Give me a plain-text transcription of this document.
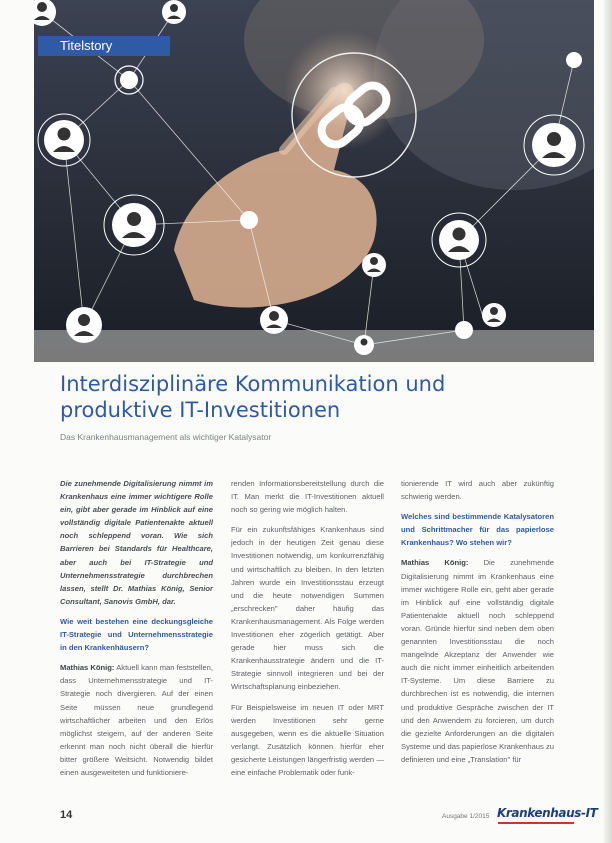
Titelstory
Interdisziplinäre Kommunikation und
produktive IT-Investitionen
Das Krankenhausmanagement als wichtiger Katalysator

Die zunehmende Digitalisierung nimmt im Krankenhaus eine immer wichtigere Rolle ein, gibt aber gerade im Hinblick auf eine vollständig digitale Patientenakte aktuell noch schleppend voran. Wie sich Barrieren bei Standards für Healthcare, aber auch bei IT-Strategie und Unternehmensstrategie durchbrechen lassen, stellt Dr. Mathias König, Senior Consultant, Sanovis GmbH, dar.

Wie weit bestehen eine deckungsgleiche IT-Strategie und Unternehmensstrategie in den Krankenhäusern?

Mathias König: Aktuell kann man feststellen, dass Unternehmensstrategie und IT-Strategie noch divergieren. Auf der einen Seite müssen neue grundlegend wirtschaftlicher arbeiten und den Erlös möglichst steigern, auf der anderen Seite erkennt man noch nicht überall die hierfür bitter größere Weitsicht. Notwendig bildet einen ausgeweiteten und funktioniere-

renden Informationsbereitstellung durch die IT. Man merkt die IT-Investitionen aktuell noch so gering wie möglich halten.

Für ein zukunftsfähiges Krankenhaus sind jedoch in der heutigen Zeit genau diese Investitionen notwendig, um konkurrenzfähig und wirtschaftlich zu bleiben. In den letzten Jahren wurde ein Investitionsstau erzeugt und die heute notwendigen Summen „erschrecken" daher häufig das Krankenhausmanagement. Als Folge werden Investitionen eher zögerlich getätigt. Aber gerade hier muss sich die Krankenhausstrategie ändern und die IT-Strategie sinnvoll integrieren und bei der Wirtschaftsplanung einbeziehen.

Für Beispielsweise im neuen IT oder MRT werden Investitionen sehr gerne ausgegeben, wenn es die aktuelle Situation verlangt. Zusätzlich können hierfür eher gesicherte Leistungen längerfristig werden — eine einfache Problematik oder funk-

tionierende IT wird auch aber zukünftig schwierig werden.

Welches sind bestimmende Katalysatoren und Schrittmacher für das papierlose Krankenhaus? Wo stehen wir?

Mathias König: Die zunehmende Digitalisierung nimmt im Krankenhaus eine immer wichtigere Rolle ein, geht aber gerade im Hinblick auf eine vollständig digitale Patientenakte aktuell noch schleppend voran. Gründe hierfür sind neben dem oben genannten Investitionsstau die noch mangelnde Akzeptanz der Anwender wie auch die nicht immer einheitlich arbeitenden IT-Systeme. Um diese Barriere zu durchbrechen ist es notwendig, die internen und produktive Gespräche zwischen der IT und den Anwendern zu forcieren, um durch die gezielte Anforderungen an die digitalen Systeme und das papierlose Krankenhaus zu definieren und eine „Translation" für

14	Ausgabe 1/2015 Krankenhaus-IT
